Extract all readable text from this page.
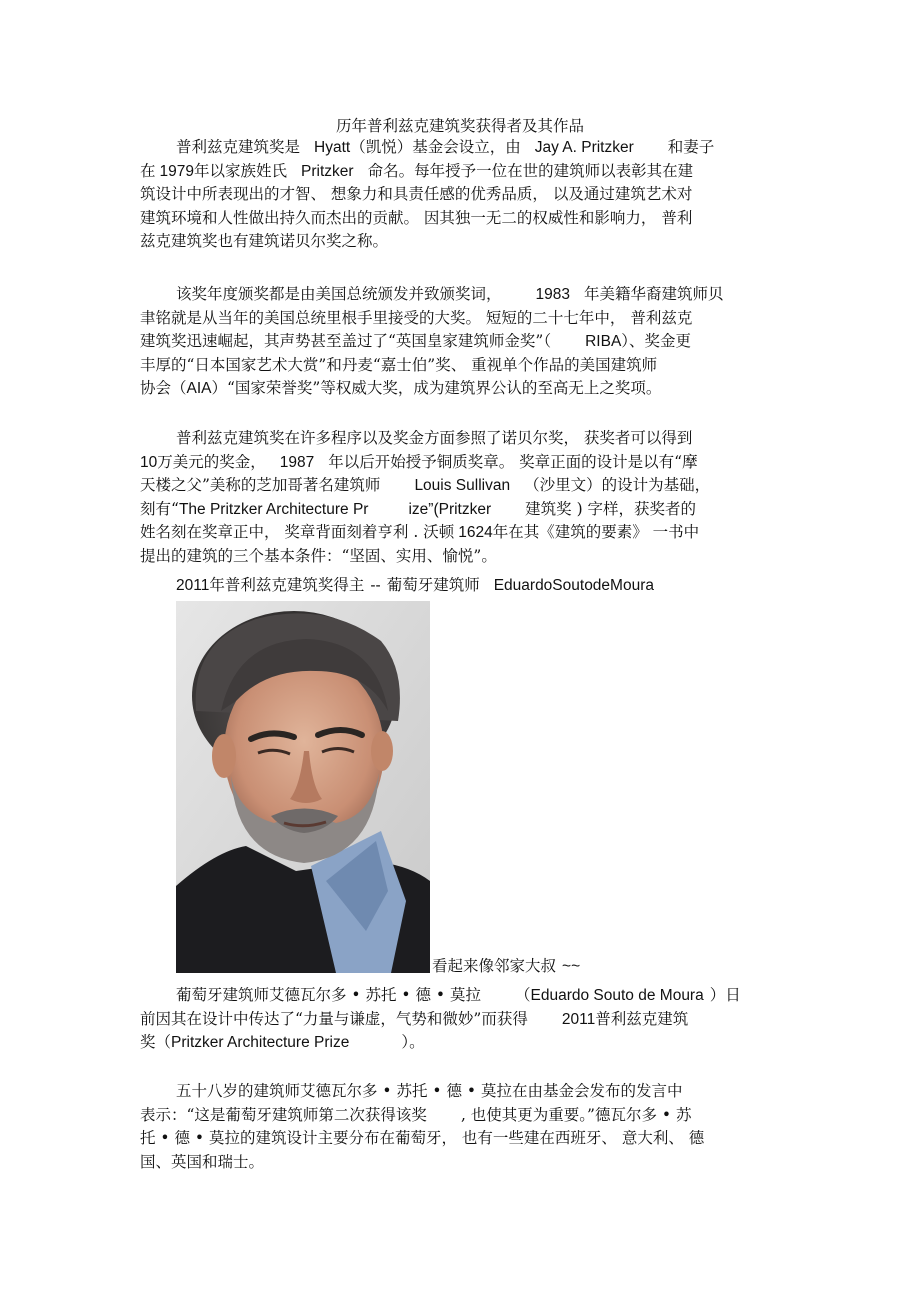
历年普利兹克建筑奖获得者及其作品
普利兹克建筑奖是 Hyatt（凯悦）基金会设立，由 Jay A. Pritzker 和妻子
在 1979年以家族姓氏 Pritzker 命名。每年授予一位在世的建筑师以表彰其在建
筑设计中所表现出的才智、 想象力和具责任感的优秀品质， 以及通过建筑艺术对
建筑环境和人性做出持久而杰出的贡献。 因其独一无二的权威性和影响力， 普利
兹克建筑奖也有建筑诺贝尔奖之称。
该奖年度颁奖都是由美国总统颁发并致颁奖词， 1983 年美籍华裔建筑师贝
聿铭就是从当年的美国总统里根手里接受的大奖。 短短的二十七年中， 普利兹克
建筑奖迅速崛起，其声势甚至盖过了“英国皇家建筑师金奖”（ RIBA）、奖金更
丰厚的“日本国家艺术大赏”和丹麦“嘉士伯”奖、 重视单个作品的美国建筑师
协会（AIA）“国家荣誉奖”等权威大奖，成为建筑界公认的至高无上之奖项。
普利兹克建筑奖在许多程序以及奖金方面参照了诺贝尔奖， 获奖者可以得到
10万美元的奖金， 1987 年以后开始授予铜质奖章。 奖章正面的设计是以有“摩
天楼之父”美称的芝加哥著名建筑师 Louis Sullivan （沙里文）的设计为基础，
刻有“The Pritzker Architecture Pr	ize”(Pritzker 建筑奖 ) 字样，获奖者的
姓名刻在奖章正中， 奖章背面刻着亨利 . 沃顿 1624年在其《建筑的要素》 一书中
提出的建筑的三个基本条件：“坚固、实用、愉悦”。
2011年普利兹克建筑奖得主 -- 葡萄牙建筑师 EduardoSoutodeMoura
看起来像邻家大叔 ~~
葡萄牙建筑师艾德瓦尔多 • 苏托 • 德 • 莫拉 （Eduardo Souto de Moura ）日
前因其在设计中传达了“力量与谦虚，气势和微妙”而获得 2011普利兹克建筑
奖（Pritzker Architecture Prize	）。
五十八岁的建筑师艾德瓦尔多 • 苏托 • 德 • 莫拉在由基金会发布的发言中
表示：“这是葡萄牙建筑师第二次获得该奖 , 也使其更为重要。”德瓦尔多 • 苏
托 • 德 • 莫拉的建筑设计主要分布在葡萄牙， 也有一些建在西班牙、 意大利、 德
国、英国和瑞士。
